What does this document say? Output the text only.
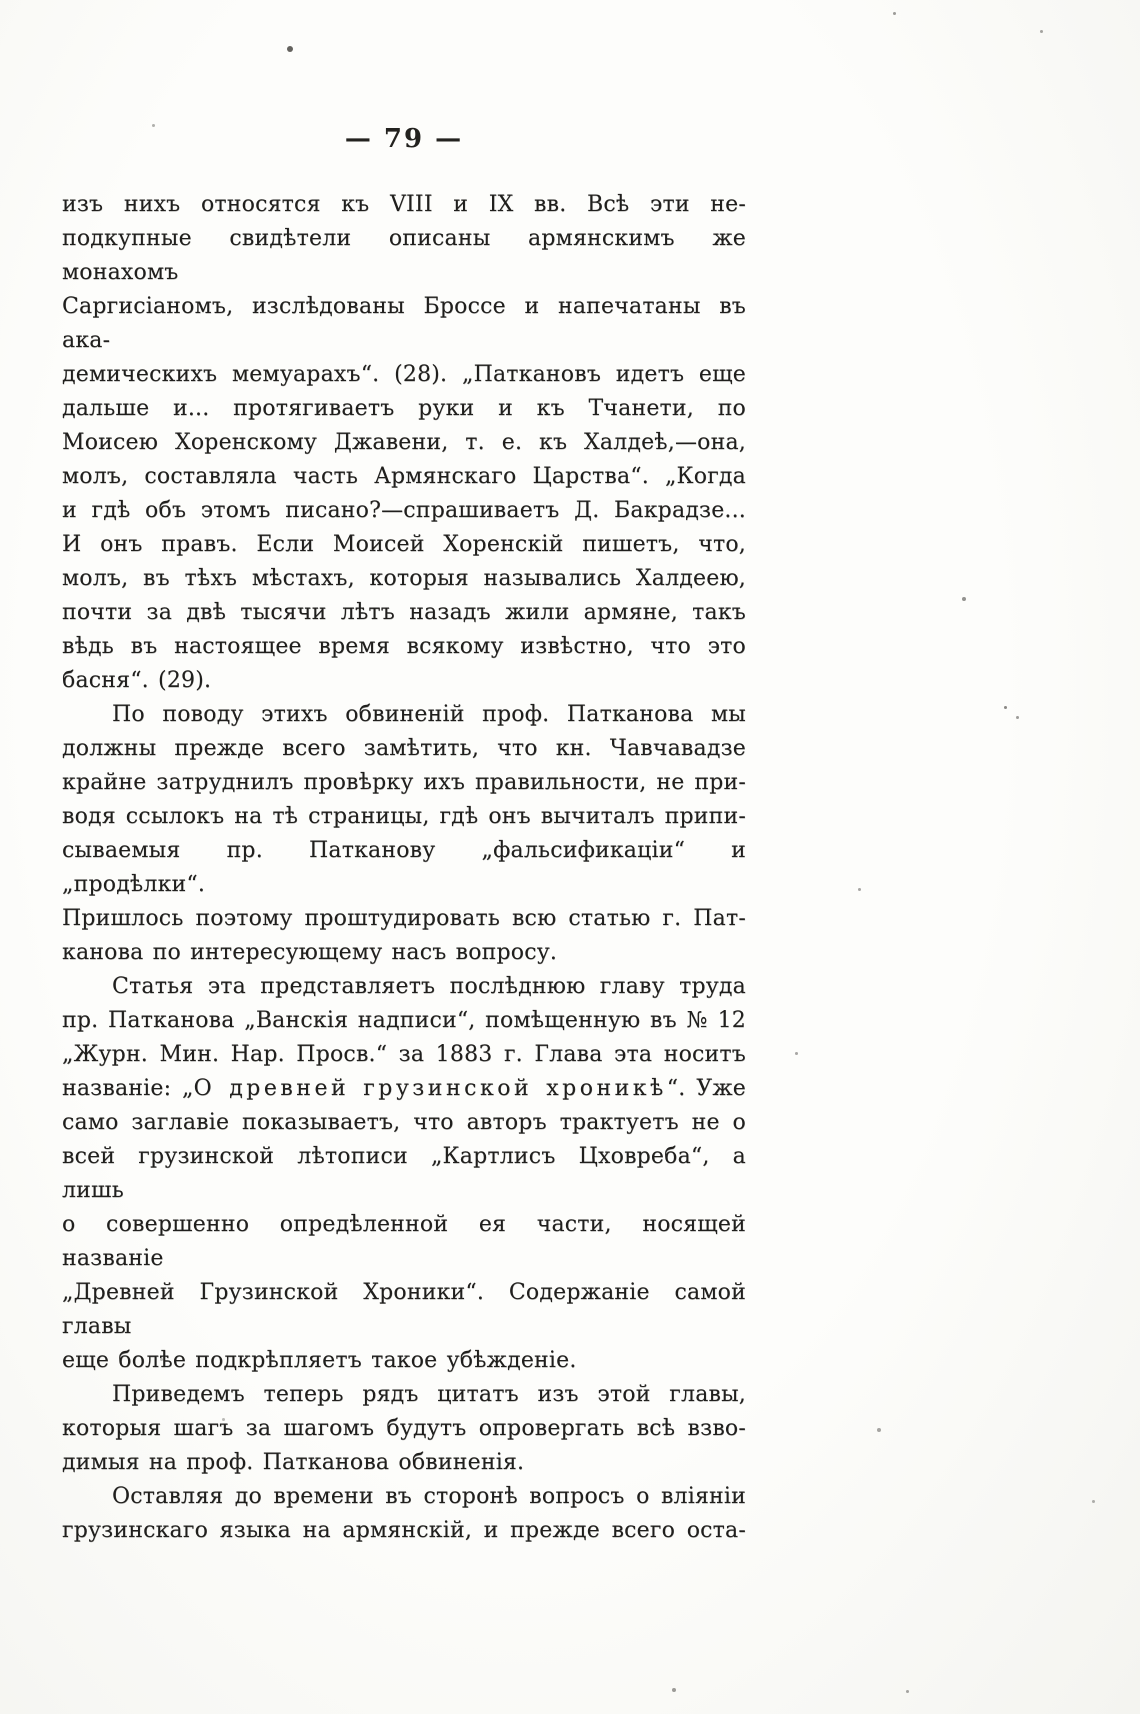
— 79 —
изъ нихъ относятся къ VIII и IX вв. Всѣ эти не-
подкупные свидѣтели описаны армянскимъ же монахомъ
Саргисіаномъ, изслѣдованы Броссе и напечатаны въ ака-
демическихъ мемуарахъ“. (28). „Паткановъ идетъ еще
дальше и... протягиваетъ руки и къ Тчанети, по
Моисею Хоренскому Джавени, т. е. къ Халдеѣ,—она,
молъ, составляла часть Армянскаго Царства“. „Когда
и гдѣ объ этомъ писано?—спрашиваетъ Д. Бакрадзе...
И онъ правъ. Если Моисей Хоренскій пишетъ, что,
молъ, въ тѣхъ мѣстахъ, которыя назывались Халдеею,
почти за двѣ тысячи лѣтъ назадъ жили армяне, такъ
вѣдь въ настоящее время всякому извѣстно, что это
басня“. (29).
По поводу этихъ обвиненій проф. Патканова мы
должны прежде всего замѣтить, что кн. Чавчавадзе
крайне затруднилъ провѣрку ихъ правильности, не при-
водя ссылокъ на тѣ страницы, гдѣ онъ вычиталъ припи-
сываемыя пр. Патканову „фальсификаціи“ и „продѣлки“.
Пришлось поэтому проштудировать всю статью г. Пат-
канова по интересующему насъ вопросу.
Статья эта представляетъ послѣднюю главу труда
пр. Патканова „Ванскія надписи“, помѣщенную въ № 12
„Журн. Мин. Нар. Просв.“ за 1883 г. Глава эта носитъ
названіе: „О древней грузинской хроникѣ“. Уже
само заглавіе показываетъ, что авторъ трактуетъ не о
всей грузинской лѣтописи „Картлисъ Цховреба“, а лишь
о совершенно опредѣленной ея части, носящей названіе
„Древней Грузинской Хроники“. Содержаніе самой главы
еще болѣе подкрѣпляетъ такое убѣжденіе.
Приведемъ теперь рядъ цитатъ изъ этой главы,
которыя шагъ за шагомъ будутъ опровергать всѣ взво-
димыя на проф. Патканова обвиненія.
Оставляя до времени въ сторонѣ вопросъ о вліяніи
грузинскаго языка на армянскій, и прежде всего оста-
